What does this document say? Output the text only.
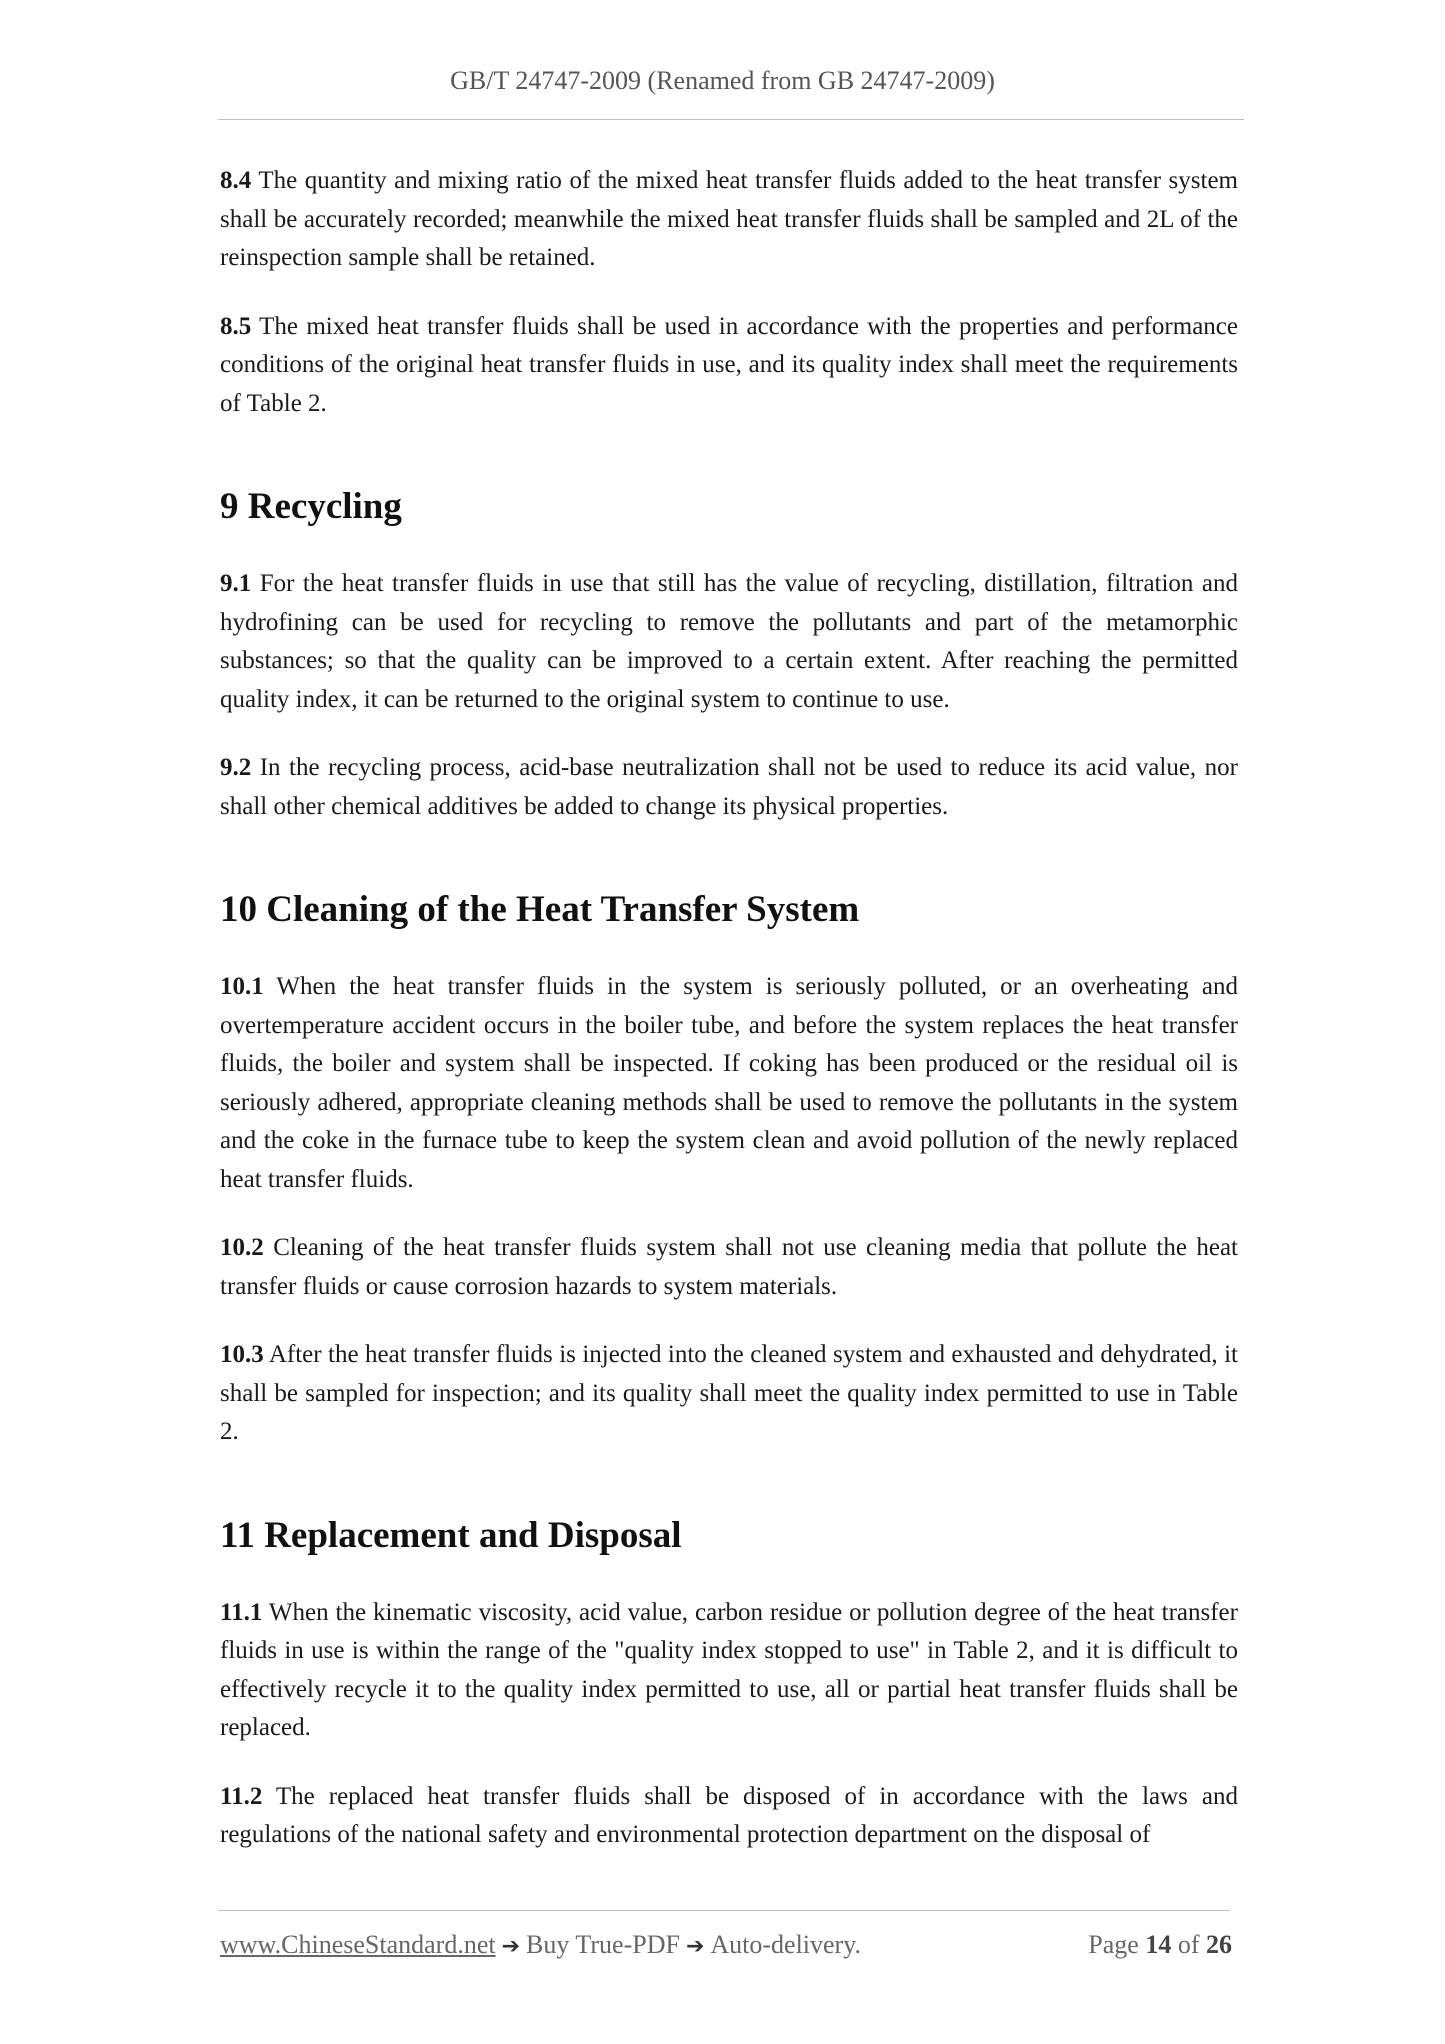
GB/T 24747-2009 (Renamed from GB 24747-2009)

8.4 The quantity and mixing ratio of the mixed heat transfer fluids added to the heat transfer system shall be accurately recorded; meanwhile the mixed heat transfer fluids shall be sampled and 2L of the reinspection sample shall be retained.

8.5 The mixed heat transfer fluids shall be used in accordance with the properties and performance conditions of the original heat transfer fluids in use, and its quality index shall meet the requirements of Table 2.

9 Recycling

9.1 For the heat transfer fluids in use that still has the value of recycling, distillation, filtration and hydrofining can be used for recycling to remove the pollutants and part of the metamorphic substances; so that the quality can be improved to a certain extent. After reaching the permitted quality index, it can be returned to the original system to continue to use.

9.2 In the recycling process, acid-base neutralization shall not be used to reduce its acid value, nor shall other chemical additives be added to change its physical properties.

10 Cleaning of the Heat Transfer System

10.1 When the heat transfer fluids in the system is seriously polluted, or an overheating and overtemperature accident occurs in the boiler tube, and before the system replaces the heat transfer fluids, the boiler and system shall be inspected. If coking has been produced or the residual oil is seriously adhered, appropriate cleaning methods shall be used to remove the pollutants in the system and the coke in the furnace tube to keep the system clean and avoid pollution of the newly replaced heat transfer fluids.

10.2 Cleaning of the heat transfer fluids system shall not use cleaning media that pollute the heat transfer fluids or cause corrosion hazards to system materials.

10.3 After the heat transfer fluids is injected into the cleaned system and exhausted and dehydrated, it shall be sampled for inspection; and its quality shall meet the quality index permitted to use in Table 2.

11 Replacement and Disposal

11.1 When the kinematic viscosity, acid value, carbon residue or pollution degree of the heat transfer fluids in use is within the range of the "quality index stopped to use" in Table 2, and it is difficult to effectively recycle it to the quality index permitted to use, all or partial heat transfer fluids shall be replaced.

11.2 The replaced heat transfer fluids shall be disposed of in accordance with the laws and regulations of the national safety and environmental protection department on the disposal of

www.ChineseStandard.net ➔ Buy True-PDF ➔ Auto-delivery.	Page 14 of 26
